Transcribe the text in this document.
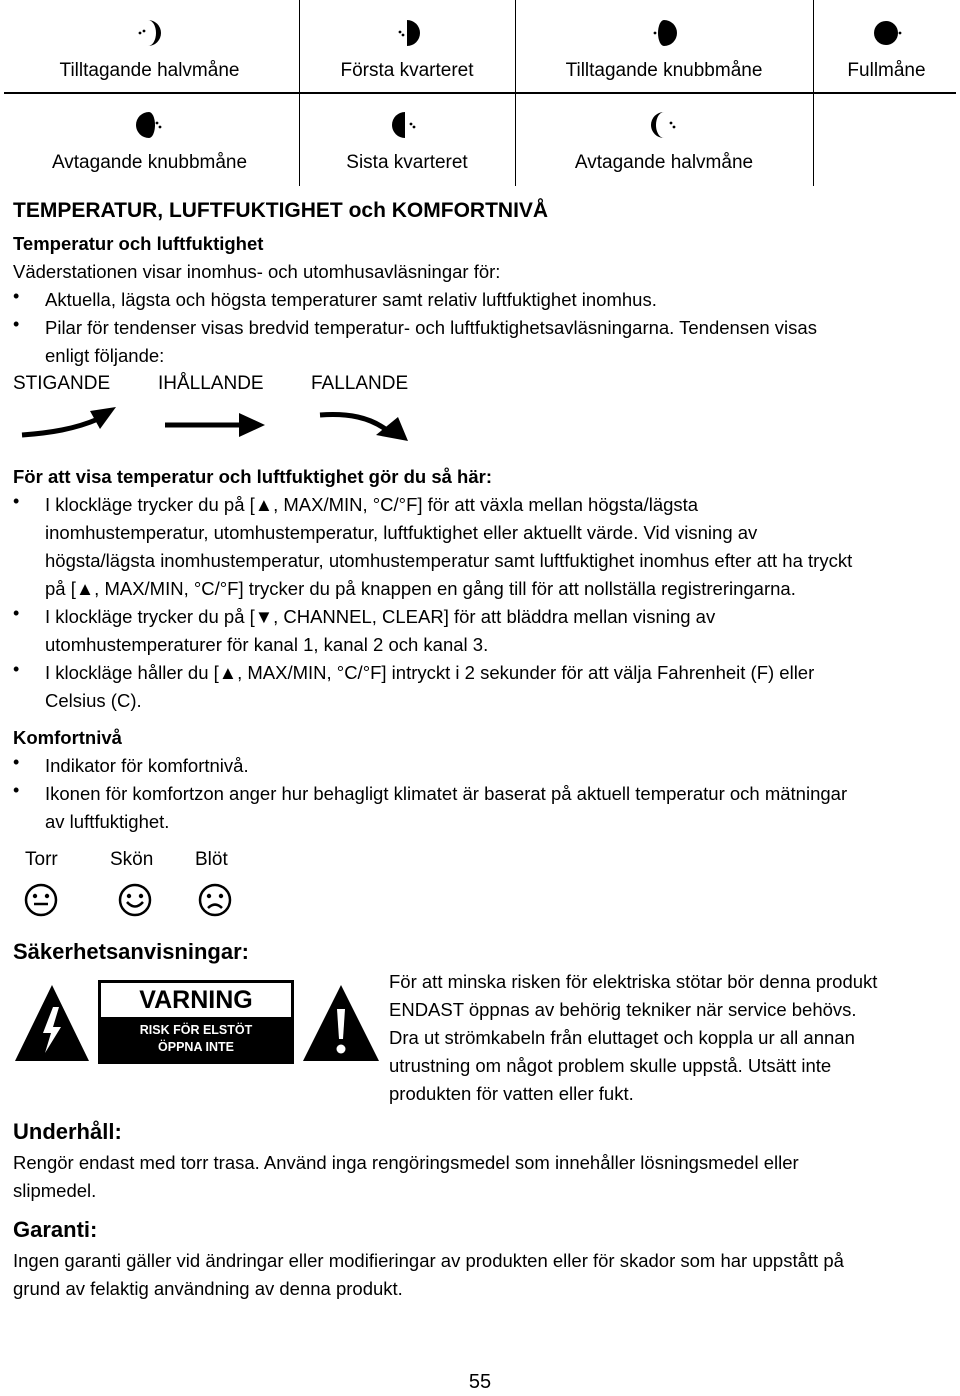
Tilltagande halvmåne	Första kvarteret	Tilltagande knubbmåne	Fullmåne
Avtagande knubbmåne	Sista kvarteret	Avtagande halvmåne
TEMPERATUR, LUFTFUKTIGHET och KOMFORTNIVÅ
Temperatur och luftfuktighet
Väderstationen visar inomhus- och utomhusavläsningar för:
• Aktuella, lägsta och högsta temperaturer samt relativ luftfuktighet inomhus.
• Pilar för tendenser visas bredvid temperatur- och luftfuktighetsavläsningarna. Tendensen visas
enligt följande:
STIGANDE	IHÅLLANDE FALLANDE
För att visa temperatur och luftfuktighet gör du så här:
• I klockläge trycker du på [▲, MAX/MIN, °C/°F] för att växla mellan högsta/lägsta
inomhustemperatur, utomhustemperatur, luftfuktighet eller aktuellt värde. Vid visning av
högsta/lägsta inomhustemperatur, utomhustemperatur samt luftfuktighet inomhus efter att ha tryckt
på [▲, MAX/MIN, °C/°F] trycker du på knappen en gång till för att nollställa registreringarna.
• I klockläge trycker du på [▼, CHANNEL, CLEAR] för att bläddra mellan visning av
utomhustemperaturer för kanal 1, kanal 2 och kanal 3.
• I klockläge håller du [▲, MAX/MIN, °C/°F] intryckt i 2 sekunder för att välja Fahrenheit (F) eller
Celsius (C).
Komfortnivå
• Indikator för komfortnivå.
• Ikonen för komfortzon anger hur behagligt klimatet är baserat på aktuell temperatur och mätningar
av luftfuktighet.
Torr	Skön Blöt
Säkerhetsanvisningar:
VARNING
RISK FÖR ELSTÖT
ÖPPNA INTE
För att minska risken för elektriska stötar bör denna produkt
ENDAST öppnas av behörig tekniker när service behövs.
Dra ut strömkabeln från eluttaget och koppla ur all annan
utrustning om något problem skulle uppstå. Utsätt inte
produkten för vatten eller fukt.
Underhåll:
Rengör endast med torr trasa. Använd inga rengöringsmedel som innehåller lösningsmedel eller
slipmedel.
Garanti:
Ingen garanti gäller vid ändringar eller modifieringar av produkten eller för skador som har uppstått på
grund av felaktig användning av denna produkt.
55
